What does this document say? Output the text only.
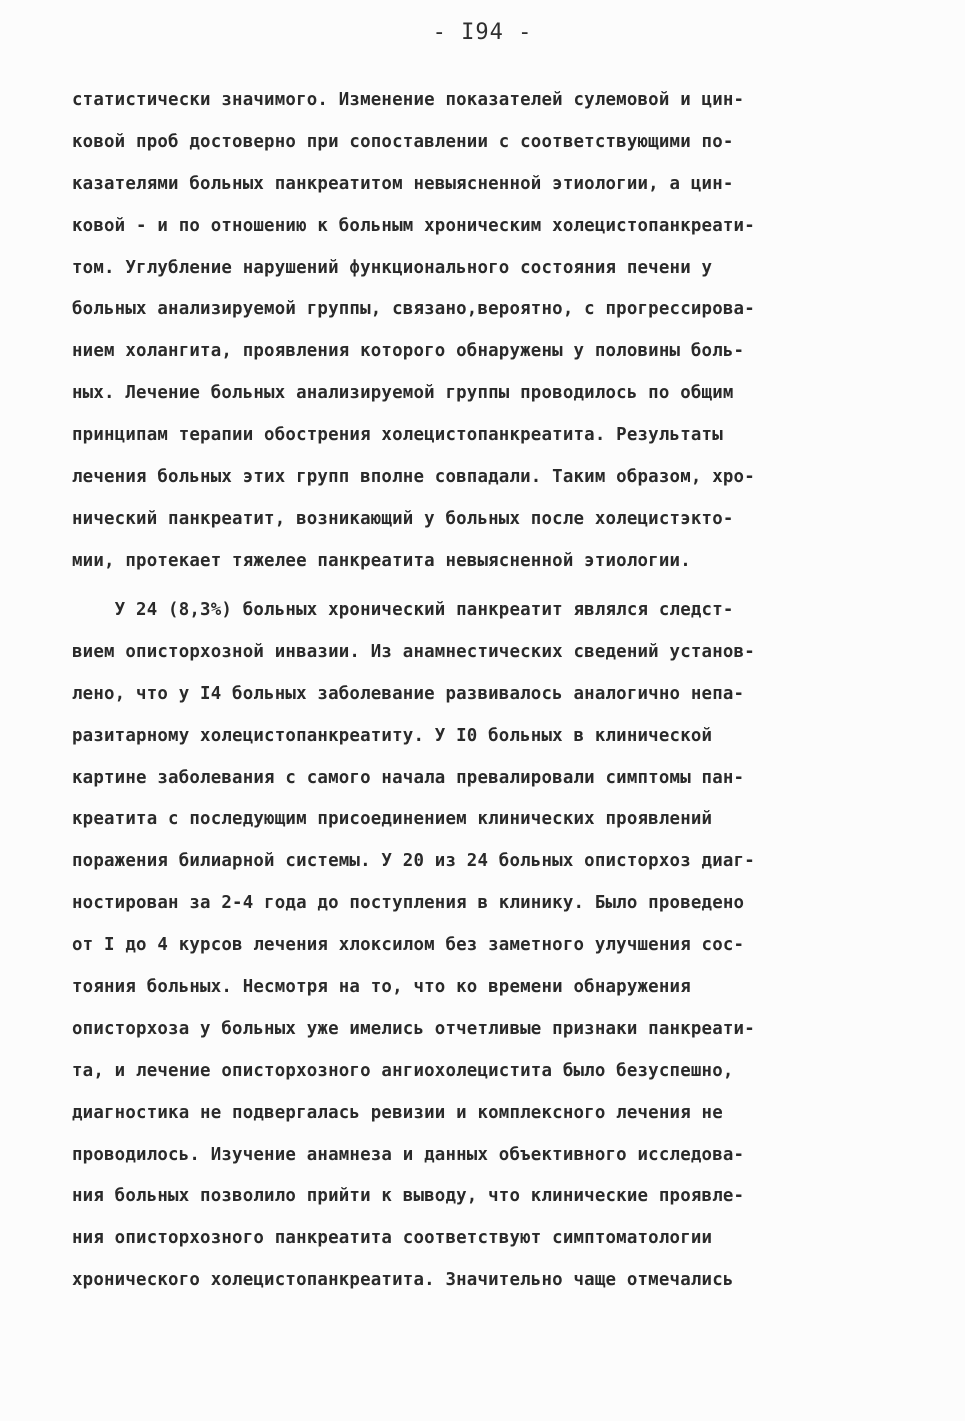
- I94 -
статистически значимого. Изменение показателей сулемовой и цин-
ковой проб достоверно при сопоставлении с соответствующими по-
казателями больных панкреатитом невыясненной этиологии, а цин-
ковой - и по отношению к больным хроническим холецистопанкреати-
том. Углубление нарушений функционального состояния печени у
больных анализируемой группы, связано,вероятно, с прогрессирова-
нием холангита, проявления которого обнаружены у половины боль-
ных. Лечение больных анализируемой группы проводилось по общим
принципам терапии обострения холецистопанкреатита. Результаты
лечения больных этих групп вполне совпадали. Таким образом, хро-
нический панкреатит, возникающий у больных после холецистэкто-
мии, протекает тяжелее панкреатита невыясненной этиологии.
У 24 (8,3%) больных хронический панкреатит являлся следст-
вием описторхозной инвазии. Из анамнестических сведений установ-
лено, что у I4 больных заболевание развивалось аналогично непа-
разитарному холецистопанкреатиту. У I0 больных в клинической
картине заболевания с самого начала превалировали симптомы пан-
креатита с последующим присоединением клинических проявлений
поражения билиарной системы. У 20 из 24 больных описторхоз диаг-
ностирован за 2-4 года до поступления в клинику. Было проведено
от I до 4 курсов лечения хлоксилом без заметного улучшения сос-
тояния больных. Несмотря на то, что ко времени обнаружения
описторхоза у больных уже имелись отчетливые признаки панкреати-
та, и лечение описторхозного ангиохолецистита было безуспешно,
диагностика не подвергалась ревизии и комплексного лечения не
проводилось. Изучение анамнеза и данных объективного исследова-
ния больных позволило прийти к выводу, что клинические проявле-
ния описторхозного панкреатита соответствуют симптоматологии
хронического холецистопанкреатита. Значительно чаще отмечались
